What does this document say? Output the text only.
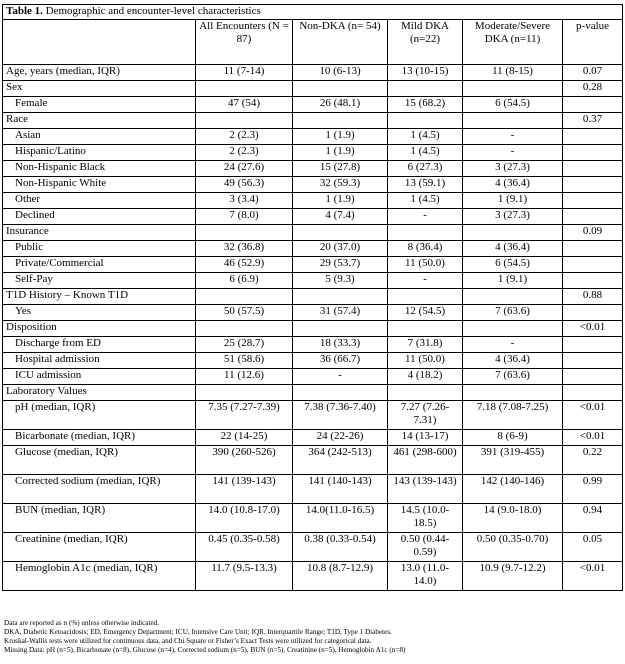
Table 1. Demographic and encounter-level characteristics					
	All Encounters (N = 87)	Non-DKA (n= 54)	Mild DKA (n=22)	Moderate/Severe DKA (n=11)	p-value
Age, years (median, IQR)	11 (7-14)	10 (6-13)	13 (10-15)	11 (8-15)	0.07
Sex					0.28
Female	47 (54)	26 (48.1)	15 (68.2)	6 (54.5)	
Race					0.37
Asian	2 (2.3)	1 (1.9)	1 (4.5)	-	
Hispanic/Latino	2 (2.3)	1 (1.9)	1 (4.5)	-	
Non-Hispanic Black	24 (27.6)	15 (27.8)	6 (27.3)	3 (27.3)	
Non-Hispanic White	49 (56.3)	32 (59.3)	13 (59.1)	4 (36.4)	
Other	3 (3.4)	1 (1.9)	1 (4.5)	1 (9.1)	
Declined	7 (8.0)	4 (7.4)	-	3 (27.3)	
Insurance					0.09
Public	32 (36.8)	20 (37.0)	8 (36.4)	4 (36.4)	
Private/Commercial	46 (52.9)	29 (53.7)	11 (50.0)	6 (54.5)	
Self-Pay	6 (6.9)	5 (9.3)	-	1 (9.1)	
T1D History – Known T1D					0.88
Yes	50 (57.5)	31 (57.4)	12 (54.5)	7 (63.6)	
Disposition					<0.01
Discharge from ED	25 (28.7)	18 (33.3)	7 (31.8)	-	
Hospital admission	51 (58.6)	36 (66.7)	11 (50.0)	4 (36.4)	
ICU admission	11 (12.6)	-	4 (18.2)	7 (63.6)	
Laboratory Values					
pH (median, IQR)	7.35 (7.27-7.39)	7.38 (7.36-7.40)	7.27 (7.26-7.31)	7.18 (7.08-7.25)	<0.01
Bicarbonate (median, IQR)	22 (14-25)	24 (22-26)	14 (13-17)	8 (6-9)	<0.01
Glucose (median, IQR)	390 (260-526)	364 (242-513)	461 (298-600)	391 (319-455)	0.22
Corrected sodium (median, IQR)	141 (139-143)	141 (140-143)	143 (139-143)	142 (140-146)	0.99
BUN (median, IQR)	14.0 (10.8-17.0)	14.0(11.0-16.5)	14.5 (10.0-18.5)	14 (9.0-18.0)	0.94
Creatinine (median, IQR)	0.45 (0.35-0.58)	0.38 (0.33-0.54)	0.50 (0.44-0.59)	0.50 (0.35-0.70)	0.05
Hemoglobin A1c (median, IQR)	11.7 (9.5-13.3)	10.8 (8.7-12.9)	13.0 (11.0-14.0)	10.9 (9.7-12.2)	<0.01
Data are reported as n (%) unless otherwise indicated.
DKA, Diabetic Ketoacidosis; ED, Emergency Department; ICU, Intensive Care Unit; IQR, Interquartile Range; T1D, Type 1 Diabetes.
Kruskal-Wallis tests were utilized for continuous data, and Chi Square or Fisher’s Exact Tests were utilized for categorical data.
Missing Data: pH (n=5), Bicarbonate (n=8), Glucose (n=4), Corrected sodium (n=5), BUN (n=5), Creatinine (n=5), Hemoglobin A1c (n=8)
